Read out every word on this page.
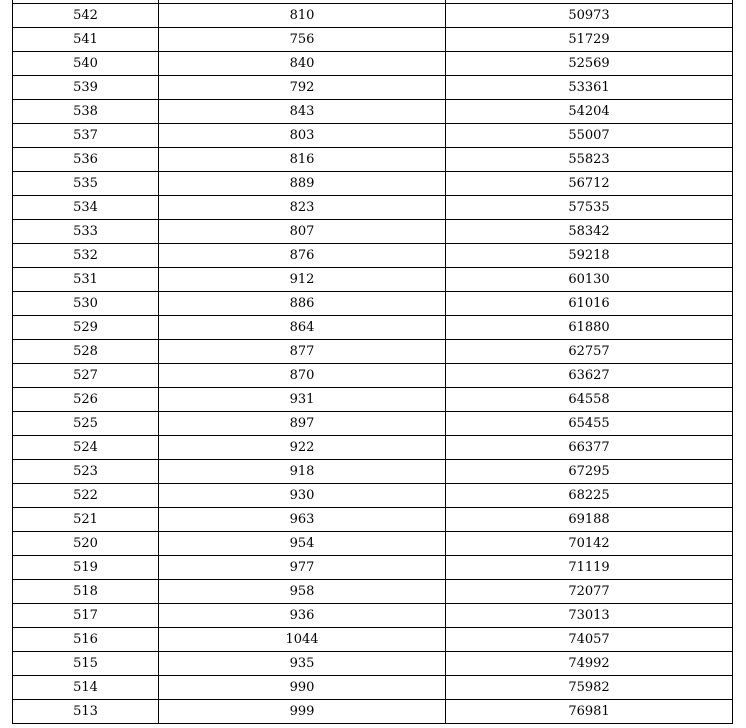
542	810	50973
541	756	51729
540	840	52569
539	792	53361
538	843	54204
537	803	55007
536	816	55823
535	889	56712
534	823	57535
533	807	58342
532	876	59218
531	912	60130
530	886	61016
529	864	61880
528	877	62757
527	870	63627
526	931	64558
525	897	65455
524	922	66377
523	918	67295
522	930	68225
521	963	69188
520	954	70142
519	977	71119
518	958	72077
517	936	73013
516	1044	74057
515	935	74992
514	990	75982
513	999	76981
